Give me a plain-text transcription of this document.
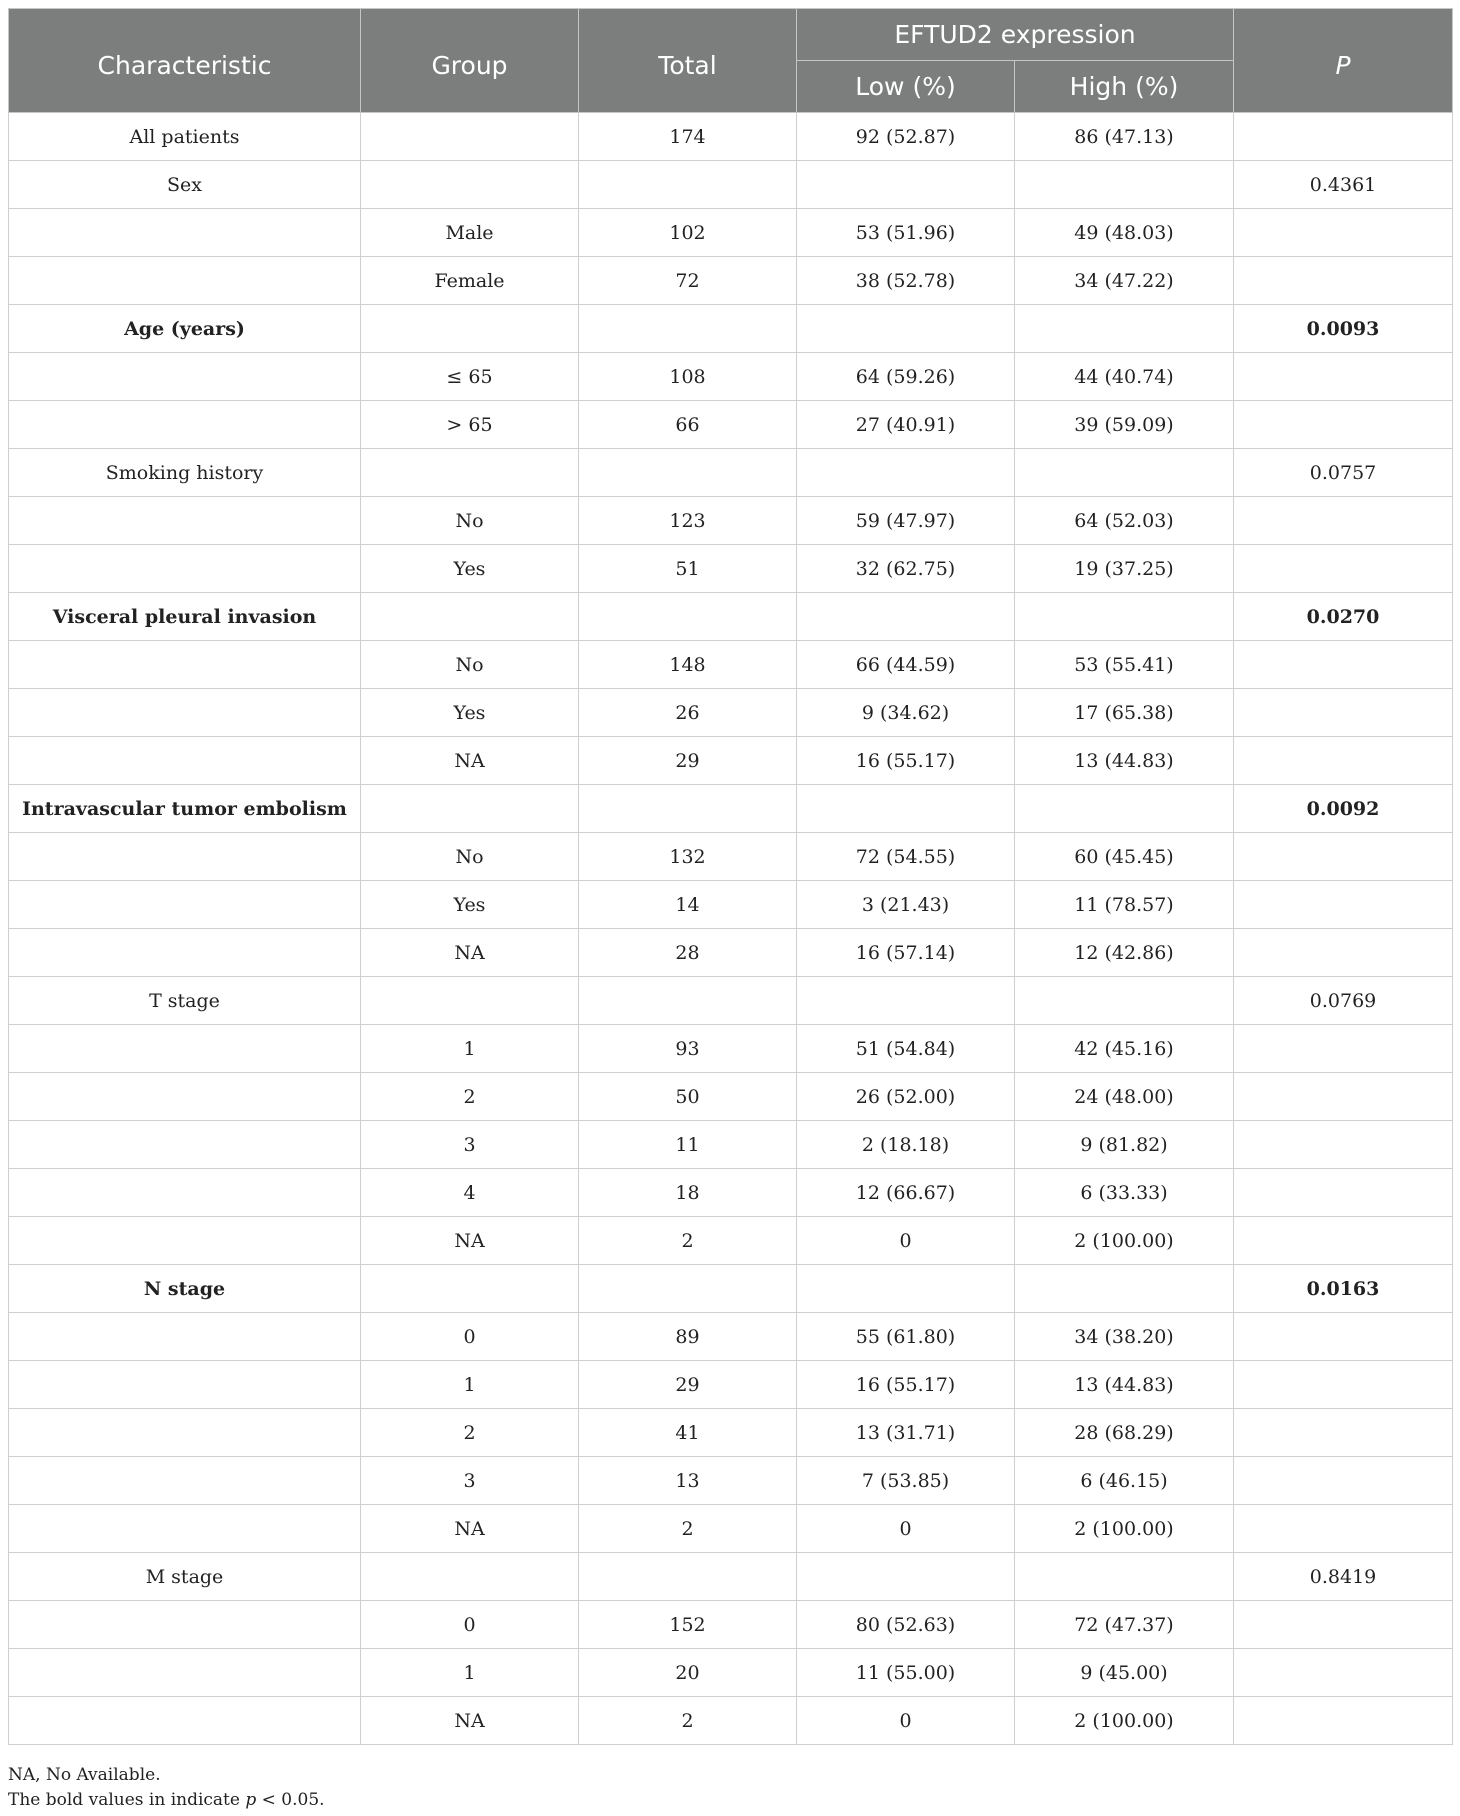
Characteristic	Group	Total	EFTUD2 expression		P
			Low (%)	High (%)	
All patients		174	92 (52.87)	86 (47.13)	
Sex					0.4361
	Male	102	53 (51.96)	49 (48.03)	
	Female	72	38 (52.78)	34 (47.22)	
Age (years)					0.0093
	≤ 65	108	64 (59.26)	44 (40.74)	
	> 65	66	27 (40.91)	39 (59.09)	
Smoking history					0.0757
	No	123	59 (47.97)	64 (52.03)	
	Yes	51	32 (62.75)	19 (37.25)	
Visceral pleural invasion					0.0270
	No	148	66 (44.59)	53 (55.41)	
	Yes	26	9 (34.62)	17 (65.38)	
	NA	29	16 (55.17)	13 (44.83)	
Intravascular tumor embolism					0.0092
	No	132	72 (54.55)	60 (45.45)	
	Yes	14	3 (21.43)	11 (78.57)	
	NA	28	16 (57.14)	12 (42.86)	
T stage					0.0769
	1	93	51 (54.84)	42 (45.16)	
	2	50	26 (52.00)	24 (48.00)	
	3	11	2 (18.18)	9 (81.82)	
	4	18	12 (66.67)	6 (33.33)	
	NA	2	0	2 (100.00)	
N stage					0.0163
	0	89	55 (61.80)	34 (38.20)	
	1	29	16 (55.17)	13 (44.83)	
	2	41	13 (31.71)	28 (68.29)	
	3	13	7 (53.85)	6 (46.15)	
	NA	2	0	2 (100.00)	
M stage					0.8419
	0	152	80 (52.63)	72 (47.37)	
	1	20	11 (55.00)	9 (45.00)	
	NA	2	0	2 (100.00)	
NA, No Available.
The bold values in indicate p < 0.05.
